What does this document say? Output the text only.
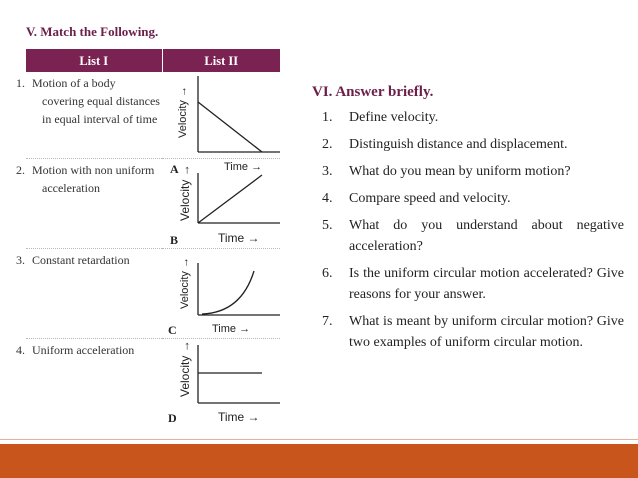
V. Match the Following.
List I	List II

1. Motion of a body covering equal distances in equal interval of time	Velocity →
Time →
A

2. Motion with non uniform acceleration	Velocity →
Time →
B

3. Constant retardation	Velocity →
Time →
C

4. Uniform acceleration	Velocity →
Time →
D
VI. Answer briefly.
1. Define velocity.
2. Distinguish distance and displacement.
3. What do you mean by uniform motion?
4. Compare speed and velocity.
5. What do you understand about negative acceleration?
6. Is the uniform circular motion accelerated? Give reasons for your answer.
7. What is meant by uniform circular motion? Give two examples of uniform circular motion.
